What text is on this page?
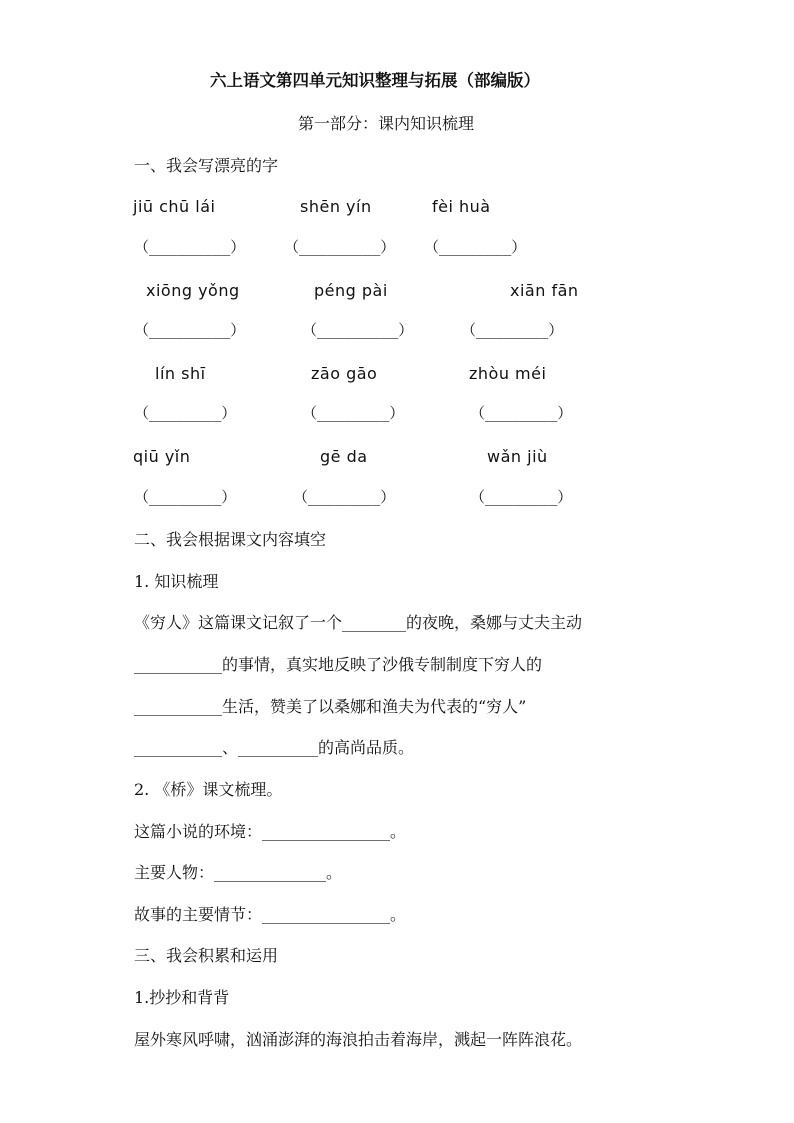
六上语文第四单元知识整理与拓展（部编版）
第一部分：课内知识梳理
一、我会写漂亮的字
jiū chū lái	shēn yín	fèi huà
（_________）	（_________） （________）
xiōng yǒng	péng pài	xiān fān
（_________）	（_________）	（________）
lín shī	zāo gāo	zhòu méi
（________）	（________）	（________）
qiū yǐn	gē da	wǎn jiù
（________）	（________）	（________）
二、我会根据课文内容填空
1. 知识梳理
《穷人》这篇课文记叙了一个________的夜晚，桑娜与丈夫主动
___________的事情，真实地反映了沙俄专制制度下穷人的
___________生活，赞美了以桑娜和渔夫为代表的“穷人”
___________、__________的高尚品质。
2. 《桥》课文梳理。
这篇小说的环境：________________。
主要人物：______________。
故事的主要情节：________________。
三、我会积累和运用
1.抄抄和背背
屋外寒风呼啸，汹涌澎湃的海浪拍击着海岸，溅起一阵阵浪花。
